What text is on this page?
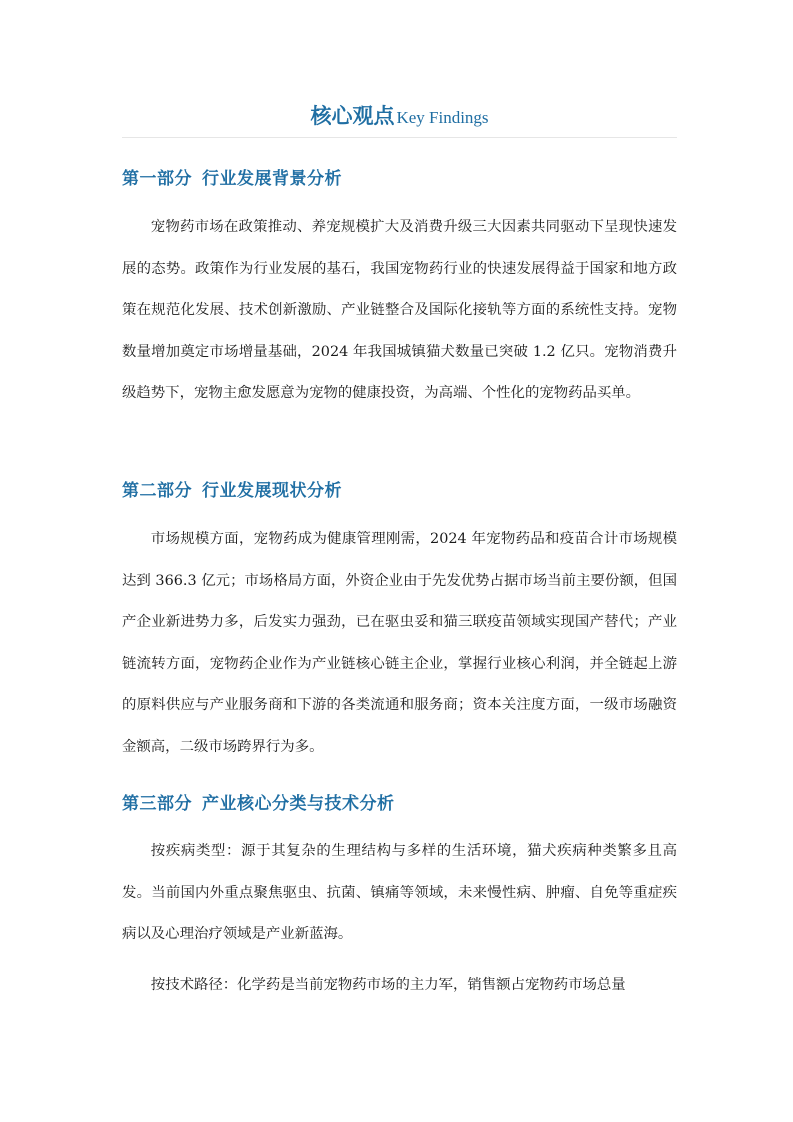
核心观点 Key Findings
第一部分 行业发展背景分析
宠物药市场在政策推动、养宠规模扩大及消费升级三大因素共同驱动下呈现快速发展的态势。政策作为行业发展的基石，我国宠物药行业的快速发展得益于国家和地方政策在规范化发展、技术创新激励、产业链整合及国际化接轨等方面的系统性支持。宠物数量增加奠定市场增量基础，2024 年我国城镇猫犬数量已突破 1.2 亿只。宠物消费升级趋势下，宠物主愈发愿意为宠物的健康投资，为高端、个性化的宠物药品买单。
第二部分 行业发展现状分析
市场规模方面，宠物药成为健康管理刚需，2024 年宠物药品和疫苗合计市场规模达到 366.3 亿元；市场格局方面，外资企业由于先发优势占据市场当前主要份额，但国产企业新进势力多，后发实力强劲，已在驱虫妥和猫三联疫苗领域实现国产替代；产业链流转方面，宠物药企业作为产业链核心链主企业，掌握行业核心利润，并全链起上游的原料供应与产业服务商和下游的各类流通和服务商；资本关注度方面，一级市场融资金额高，二级市场跨界行为多。
第三部分 产业核心分类与技术分析
按疾病类型：源于其复杂的生理结构与多样的生活环境，猫犬疾病种类繁多且高发。当前国内外重点聚焦驱虫、抗菌、镇痛等领域，未来慢性病、肿瘤、自免等重症疾病以及心理治疗领域是产业新蓝海。
按技术路径：化学药是当前宠物药市场的主力军，销售额占宠物药市场总量
